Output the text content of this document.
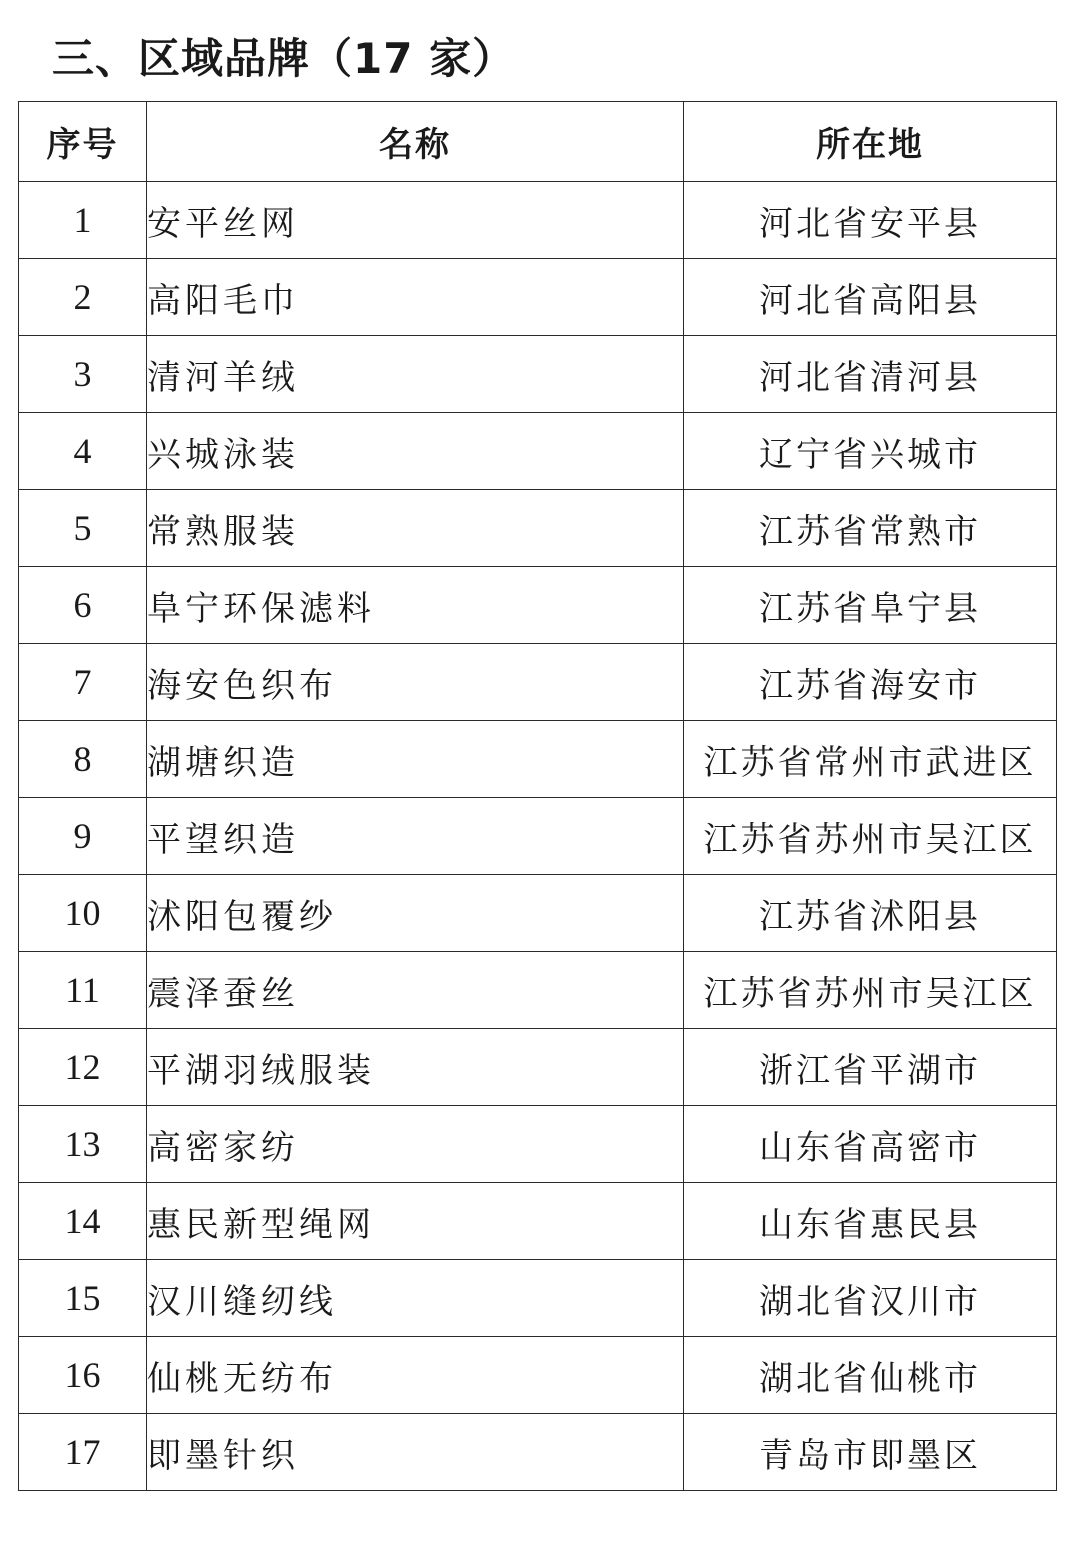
三、区域品牌（17 家）
序号	名称	所在地
1	安平丝网	河北省安平县
2	高阳毛巾	河北省高阳县
3	清河羊绒	河北省清河县
4	兴城泳装	辽宁省兴城市
5	常熟服装	江苏省常熟市
6	阜宁环保滤料	江苏省阜宁县
7	海安色织布	江苏省海安市
8	湖塘织造	江苏省常州市武进区
9	平望织造	江苏省苏州市吴江区
10	沭阳包覆纱	江苏省沭阳县
11	震泽蚕丝	江苏省苏州市吴江区
12	平湖羽绒服装	浙江省平湖市
13	高密家纺	山东省高密市
14	惠民新型绳网	山东省惠民县
15	汉川缝纫线	湖北省汉川市
16	仙桃无纺布	湖北省仙桃市
17	即墨针织	青岛市即墨区
